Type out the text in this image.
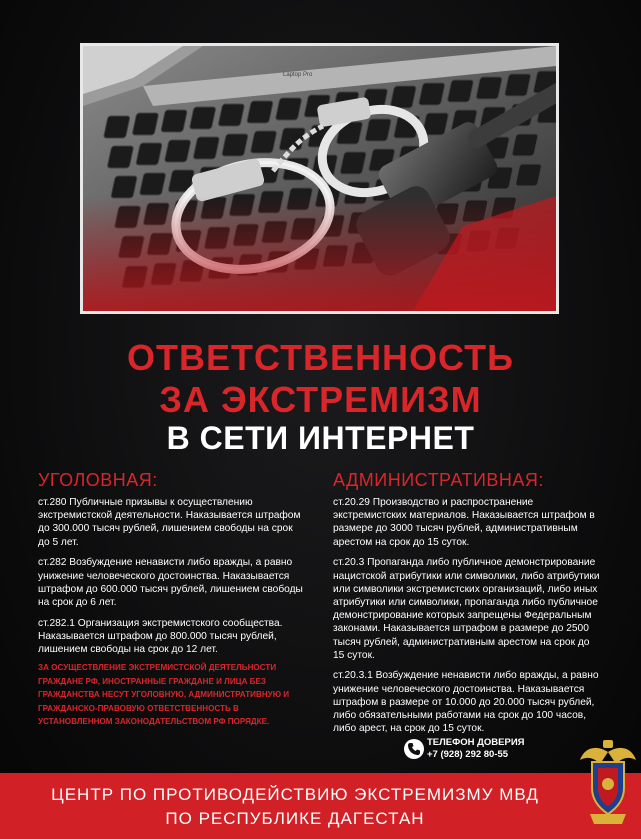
Laptop Pro
ОТВЕТСТВЕННОСТЬ
ЗА ЭКСТРЕМИЗМ
В СЕТИ ИНТЕРНЕТ
УГОЛОВНАЯ:

ст.280 Публичные призывы к осуществлению экстремистской деятельности. Наказывается штрафом до 300.000 тысяч рублей, лишением свободы на срок до 5 лет.

ст.282 Возбуждение ненависти либо вражды, а равно унижение человеческого достоинства. Наказывается штрафом до 600.000 тысяч рублей, лишением свободы на срок до 6 лет.

ст.282.1 Организация экстремистского сообщества. Наказывается штрафом до 800.000 тысяч рублей, лишением свободы на срок до 12 лет.

ЗА ОСУЩЕСТВЛЕНИЕ ЭКСТРЕМИСТСКОЙ ДЕЯТЕЛЬНОСТИ ГРАЖДАНЕ РФ, ИНОСТРАННЫЕ ГРАЖДАНЕ И ЛИЦА БЕЗ ГРАЖДАНСТВА НЕСУТ УГОЛОВНУЮ, АДМИНИСТРАТИВНУЮ И ГРАЖДАНСКО-ПРАВОВУЮ ОТВЕТСТВЕННОСТЬ В УСТАНОВЛЕННОМ ЗАКОНОДАТЕЛЬСТВОМ РФ ПОРЯДКЕ.
АДМИНИСТРАТИВНАЯ:

ст.20.29 Производство и распространение экстремистских материалов. Наказывается штрафом в размере до 3000 тысяч рублей, административным арестом на срок до 15 суток.

ст.20.3 Пропаганда либо публичное демонстрирование нацистской атрибутики или символики, либо атрибутики или символики экстремистских организаций, либо иных атрибутики или символики, пропаганда либо публичное демонстрирование которых запрещены Федеральным законами. Наказывается штрафом в размере до 2500 тысяч рублей, административным арестом на срок до 15 суток.

ст.20.3.1 Возбуждение ненависти либо вражды, а равно унижение человеческого достоинства. Наказывается штрафом в размере от 10.000 до 20.000 тысяч рублей, либо обязательными работами на срок до 100 часов, либо арест, на срок до 15 суток.

ТЕЛЕФОН ДОВЕРИЯ
+7 (928) 292 80-55
ЦЕНТР ПО ПРОТИВОДЕЙСТВИЮ ЭКСТРЕМИЗМУ МВД
ПО РЕСПУБЛИКЕ ДАГЕСТАН
